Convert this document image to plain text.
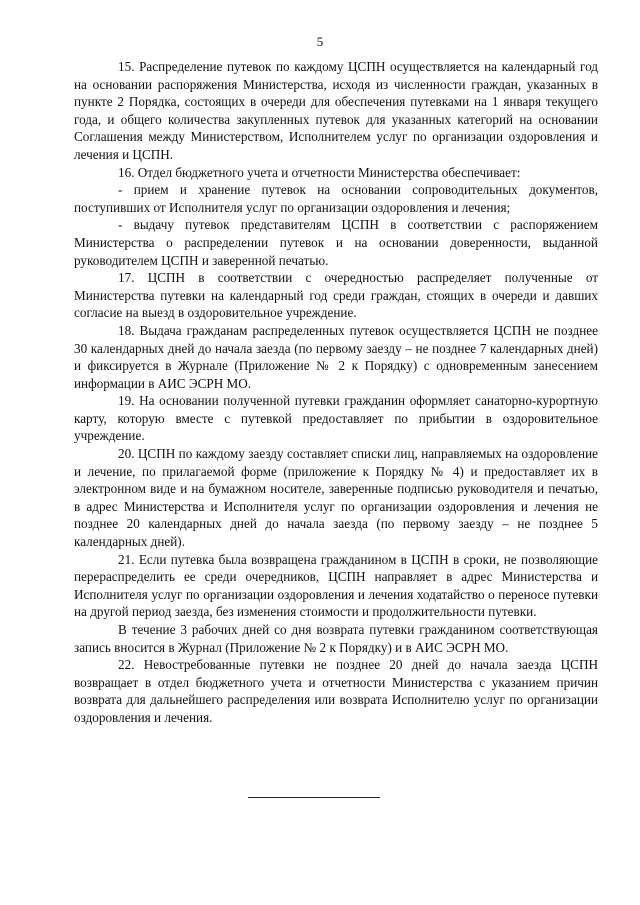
5

15. Распределение путевок по каждому ЦСПН осуществляется на календарный год на основании распоряжения Министерства, исходя из численности граждан, указанных в пункте 2 Порядка, состоящих в очереди для обеспечения путевками на 1 января текущего года, и общего количества закупленных путевок для указанных категорий на основании Соглашения между Министерством, Исполнителем услуг по организации оздоровления и лечения и ЦСПН.

16. Отдел бюджетного учета и отчетности Министерства обеспечивает:

- прием и хранение путевок на основании сопроводительных документов, поступивших от Исполнителя услуг по организации оздоровления и лечения;

- выдачу путевок представителям ЦСПН в соответствии с распоряжением Министерства о распределении путевок и на основании доверенности, выданной руководителем ЦСПН и заверенной печатью.

17. ЦСПН в соответствии с очередностью распределяет полученные от Министерства путевки на календарный год среди граждан, стоящих в очереди и давших согласие на выезд в оздоровительное учреждение.

18. Выдача гражданам распределенных путевок осуществляется ЦСПН не позднее 30 календарных дней до начала заезда (по первому заезду – не позднее 7 календарных дней) и фиксируется в Журнале (Приложение № 2 к Порядку) с одновременным занесением информации в АИС ЭСРН МО.

19. На основании полученной путевки гражданин оформляет санаторно-курортную карту, которую вместе с путевкой предоставляет по прибытии в оздоровительное учреждение.

20. ЦСПН по каждому заезду составляет списки лиц, направляемых на оздоровление и лечение, по прилагаемой форме (приложение к Порядку № 4) и предоставляет их в электронном виде и на бумажном носителе, заверенные подписью руководителя и печатью, в адрес Министерства и Исполнителя услуг по организации оздоровления и лечения не позднее 20 календарных дней до начала заезда (по первому заезду – не позднее 5 календарных дней).

21. Если путевка была возвращена гражданином в ЦСПН в сроки, не позволяющие перераспределить ее среди очередников, ЦСПН направляет в адрес Министерства и Исполнителя услуг по организации оздоровления и лечения ходатайство о переносе путевки на другой период заезда, без изменения стоимости и продолжительности путевки.

В течение 3 рабочих дней со дня возврата путевки гражданином соответствующая запись вносится в Журнал (Приложение № 2 к Порядку) и в АИС ЭСРН МО.

22. Невостребованные путевки не позднее 20 дней до начала заезда ЦСПН возвращает в отдел бюджетного учета и отчетности Министерства с указанием причин возврата для дальнейшего распределения или возврата Исполнителю услуг по организации оздоровления и лечения.
